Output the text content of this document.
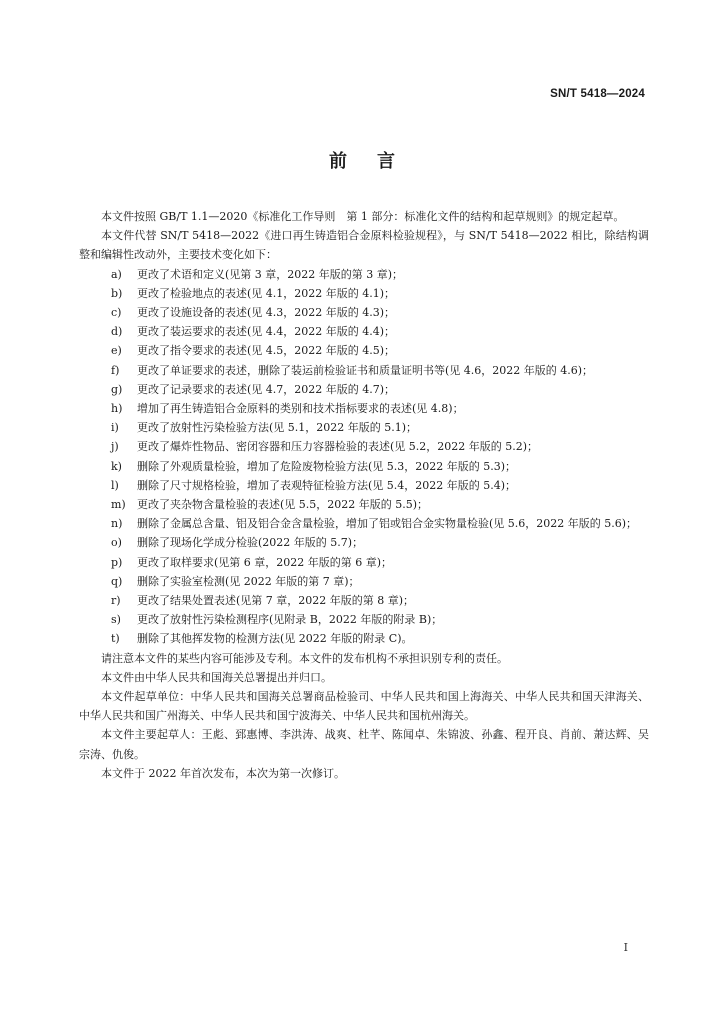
SN/T 5418—2024
前言

本文件按照 GB/T 1.1—2020《标准化工作导则　第 1 部分：标准化文件的结构和起草规则》的规定起草。

本文件代替 SN/T 5418—2022《进口再生铸造铝合金原料检验规程》，与 SN/T 5418—2022 相比，除结构调整和编辑性改动外，主要技术变化如下：

a)	更改了术语和定义(见第 3 章，2022 年版的第 3 章)；
b)	更改了检验地点的表述(见 4.1，2022 年版的 4.1)；
c)	更改了设施设备的表述(见 4.3，2022 年版的 4.3)；
d)	更改了装运要求的表述(见 4.4，2022 年版的 4.4)；
e)	更改了指令要求的表述(见 4.5，2022 年版的 4.5)；
f)	更改了单证要求的表述，删除了装运前检验证书和质量证明书等(见 4.6，2022 年版的 4.6)；
g)	更改了记录要求的表述(见 4.7，2022 年版的 4.7)；
h)	增加了再生铸造铝合金原料的类别和技术指标要求的表述(见 4.8)；
i)	更改了放射性污染检验方法(见 5.1，2022 年版的 5.1)；
j)	更改了爆炸性物品、密闭容器和压力容器检验的表述(见 5.2，2022 年版的 5.2)；
k)	删除了外观质量检验，增加了危险废物检验方法(见 5.3，2022 年版的 5.3)；
l)	删除了尺寸规格检验，增加了表观特征检验方法(见 5.4，2022 年版的 5.4)；
m)	更改了夹杂物含量检验的表述(见 5.5，2022 年版的 5.5)；
n)	删除了金属总含量、铝及铝合金含量检验，增加了铝或铝合金实物量检验(见 5.6，2022 年版的 5.6)；
o)	删除了现场化学成分检验(2022 年版的 5.7)；
p)	更改了取样要求(见第 6 章，2022 年版的第 6 章)；
q)	删除了实验室检测(见 2022 年版的第 7 章)；
r)	更改了结果处置表述(见第 7 章，2022 年版的第 8 章)；
s)	更改了放射性污染检测程序(见附录 B，2022 年版的附录 B)；
t)	删除了其他挥发物的检测方法(见 2022 年版的附录 C)。

请注意本文件的某些内容可能涉及专利。本文件的发布机构不承担识别专利的责任。

本文件由中华人民共和国海关总署提出并归口。

本文件起草单位：中华人民共和国海关总署商品检验司、中华人民共和国上海海关、中华人民共和国天津海关、中华人民共和国广州海关、中华人民共和国宁波海关、中华人民共和国杭州海关。

本文件主要起草人：王彪、郅惠博、李洪涛、战爽、杜芊、陈闻卓、朱锦波、孙鑫、程开良、肖前、萧达辉、吴宗涛、仇俊。

本文件于 2022 年首次发布，本次为第一次修订。

I
